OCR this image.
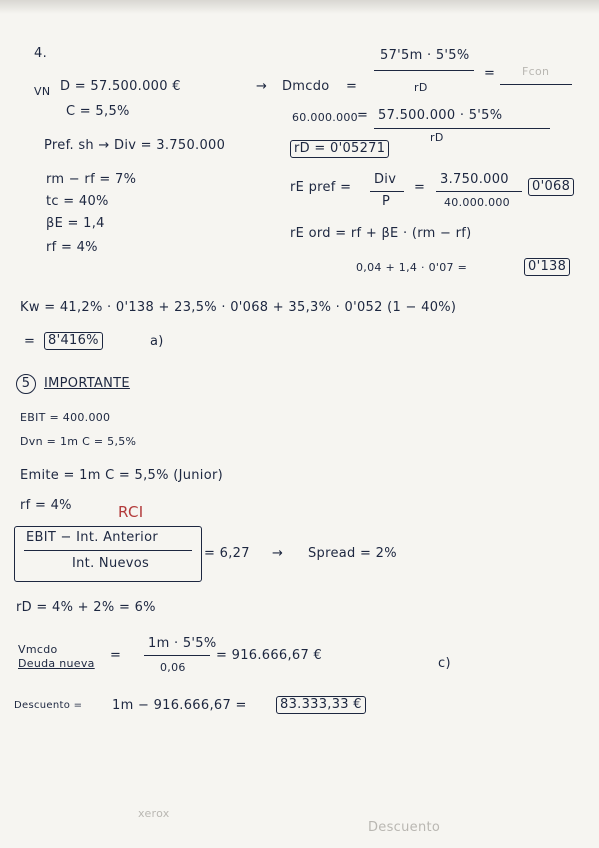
Fcon
Descuento
xerox
4.
VN D = 57.500.000 €
C = 5,5%
→ Dmcdo =
57'5m · 5'5%
rD
=
60.000.000 = 57.500.000 · 5'5%
rD
rD = 0'05271
Pref. sh → Div = 3.750.000
rm − rf = 7%
tc = 40%
βE = 1,4
rf = 4%
rE pref =
Div
P
=
3.750.000
40.000.000
0'068
rE ord = rf + βE · (rm − rf)
0,04 + 1,4 · 0'07 =	0'138
Kw = 41,2% · 0'138 + 23,5% · 0'068 + 35,3% · 0'052 (1 − 40%)
= 8'416%	a)
5	IMPORTANTE
EBIT = 400.000
Dvn = 1m C = 5,5%
Emite = 1m C = 5,5% (Junior)
rf = 4%	RCI
EBIT − Int. Anterior
Int. Nuevos
= 6,27 → Spread = 2%
rD = 4% + 2% = 6%
Vmcdo
Deuda nueva
=
1m · 5'5%
0,06
= 916.666,67 €
c)
Descuento = 1m − 916.666,67 =	83.333,33 €
